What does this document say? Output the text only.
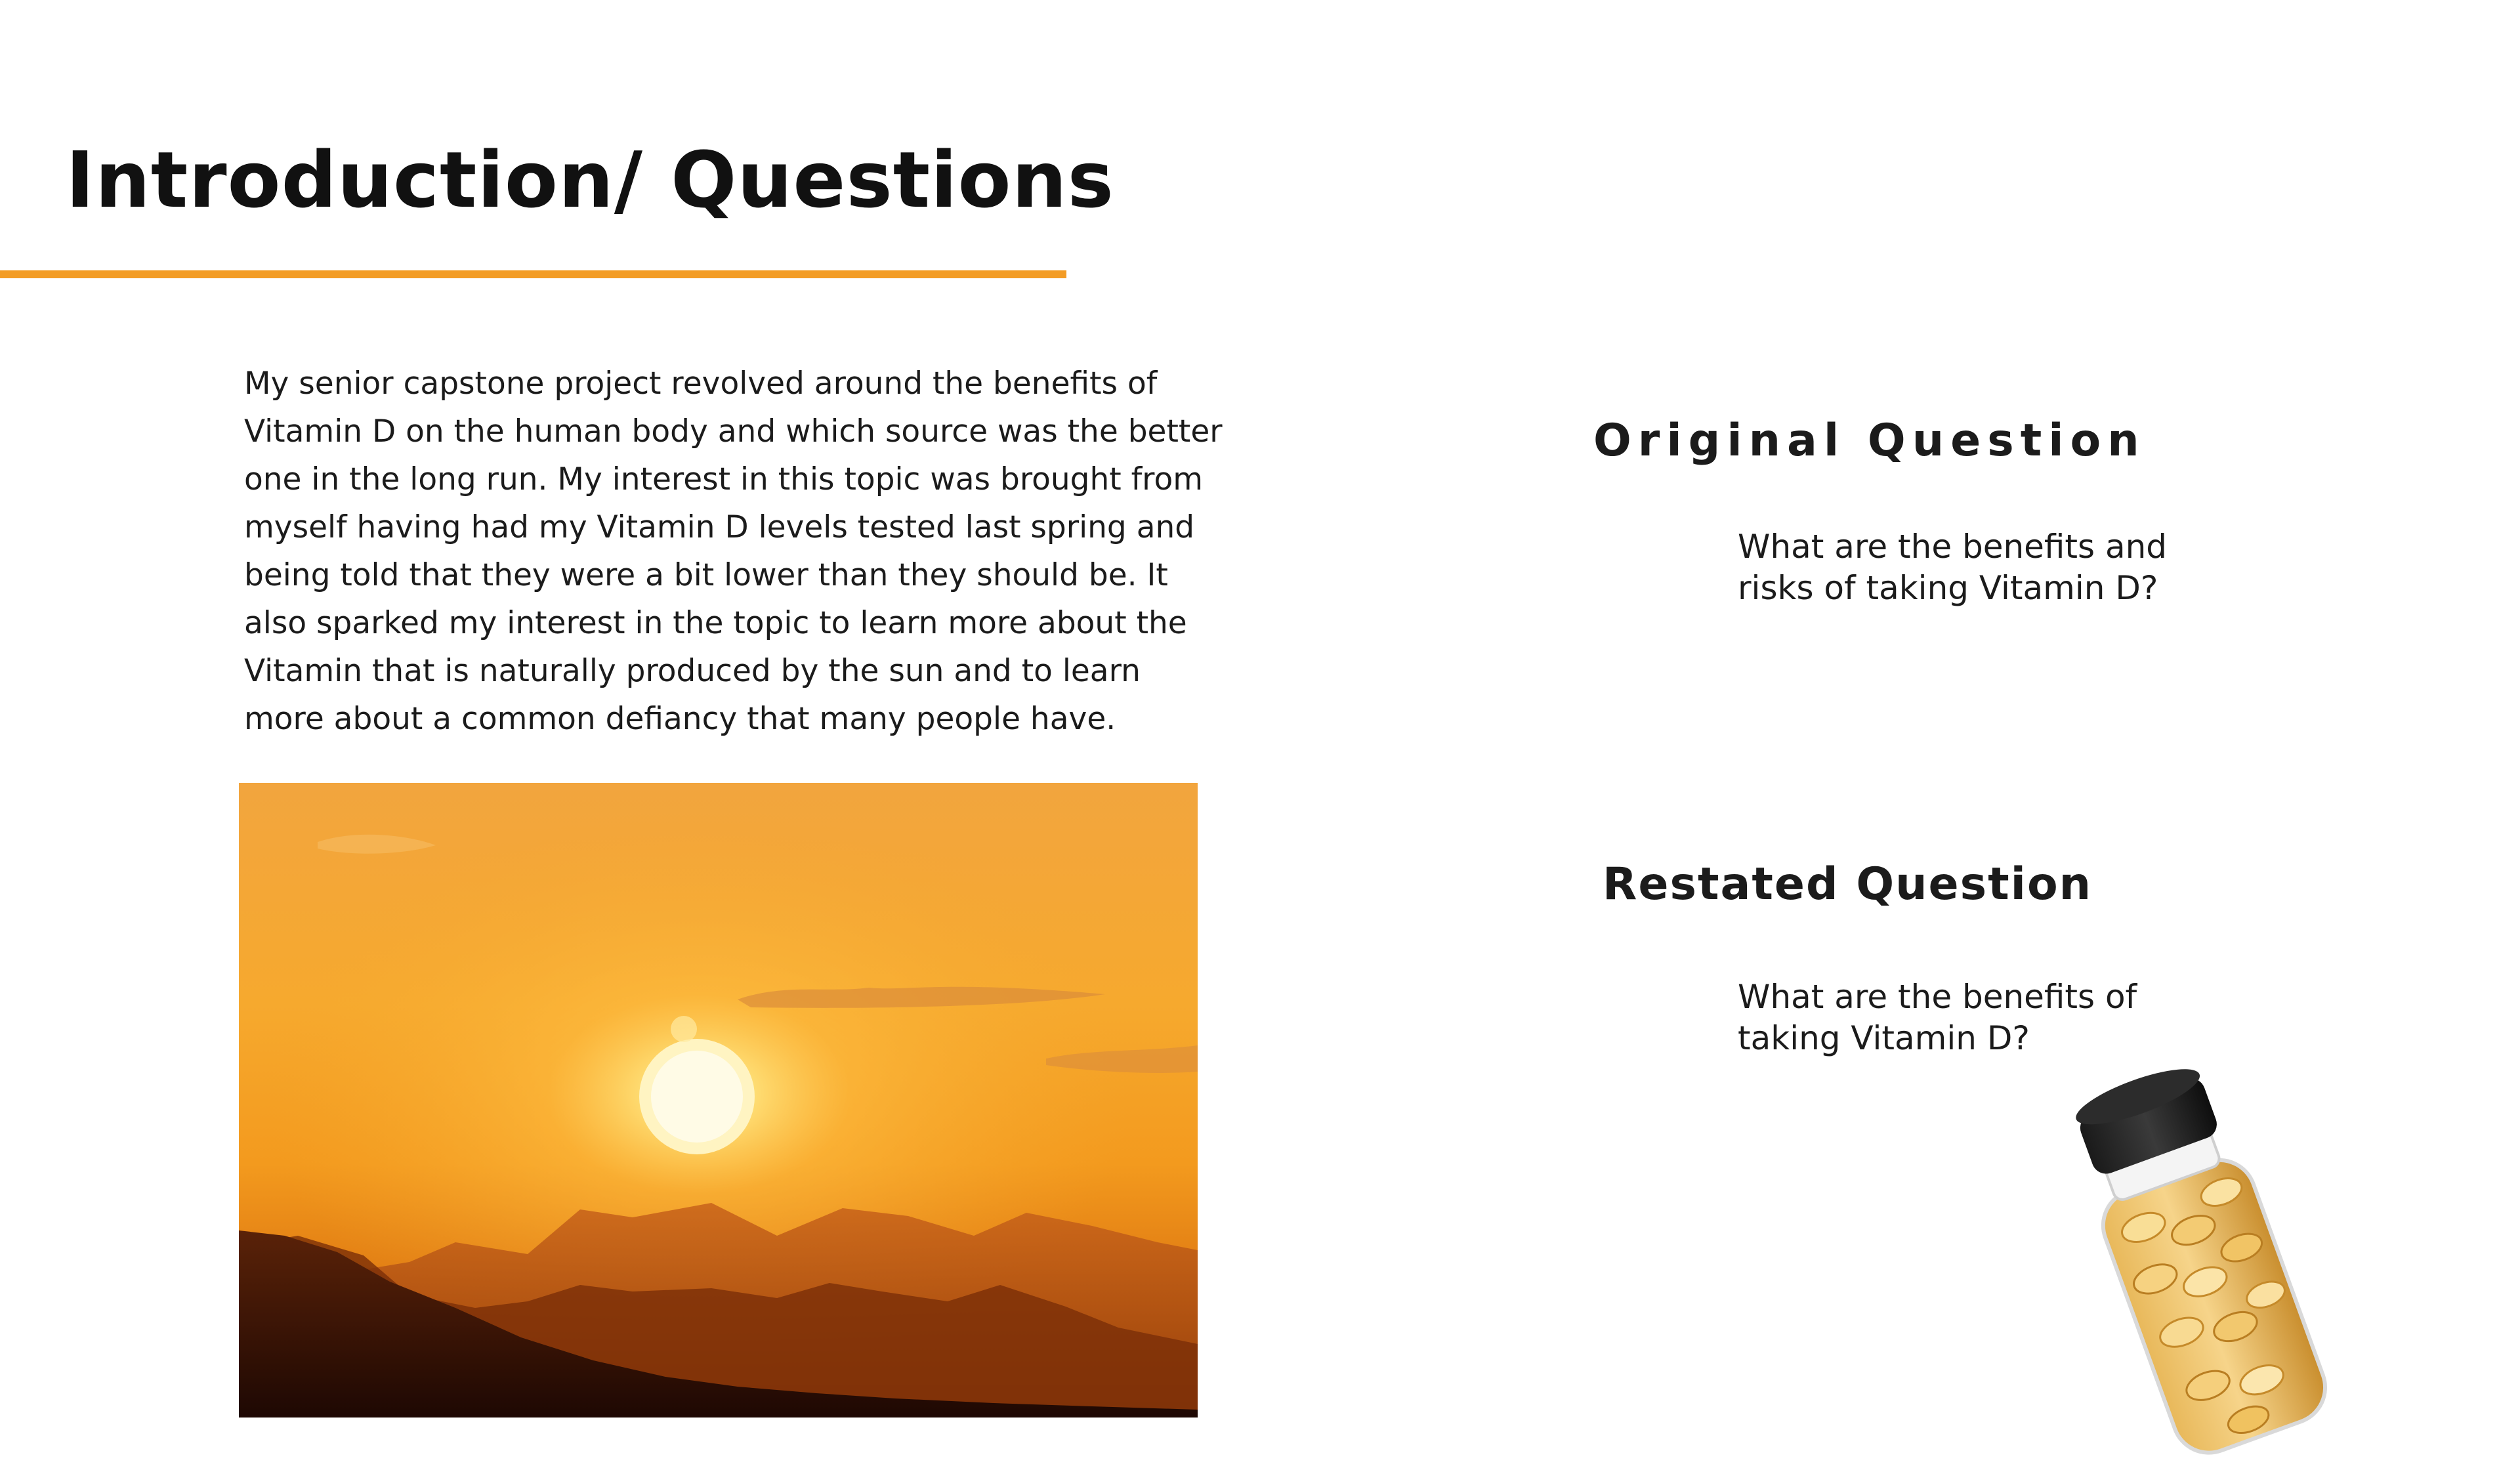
Introduction/ Questions

My senior capstone project revolved around the benefits of Vitamin D on the human body and which source was the better one in the long run. My interest in this topic was brought from myself having had my Vitamin D levels tested last spring and being told that they were a bit lower than they should be. It also sparked my interest in the topic to learn more about the Vitamin that is naturally produced by the sun and to learn more about a common defiancy that many people have.

Original Question

What are the benefits and risks of taking Vitamin D?

Restated Question

What are the benefits of
taking Vitamin D?
